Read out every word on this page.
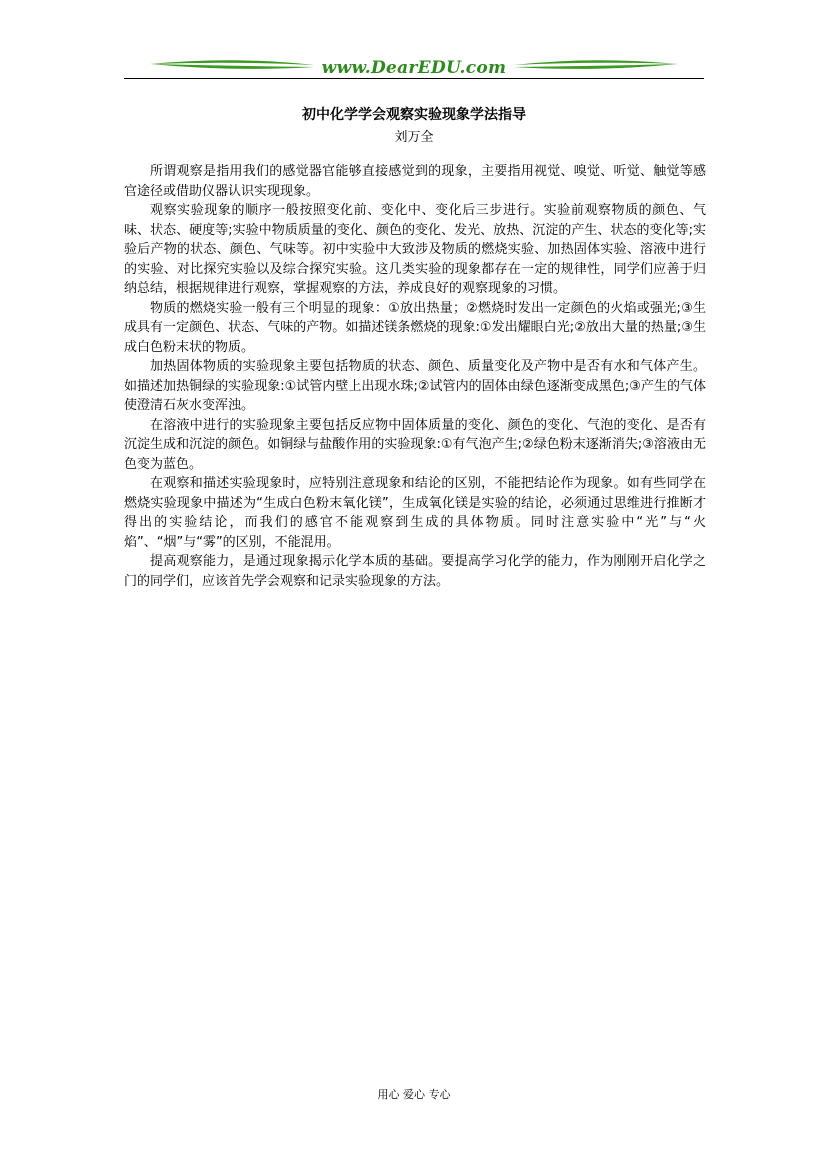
www.DearEDU.com
初中化学学会观察实验现象学法指导
刘万全

所谓观察是指用我们的感觉器官能够直接感觉到的现象，主要指用视觉、嗅觉、听觉、触觉等感官途径或借助仪器认识实现现象。

观察实验现象的顺序一般按照变化前、变化中、变化后三步进行。实验前观察物质的颜色、气味、状态、硬度等;实验中物质质量的变化、颜色的变化、发光、放热、沉淀的产生、状态的变化等;实验后产物的状态、颜色、气味等。初中实验中大致涉及物质的燃烧实验、加热固体实验、溶液中进行的实验、对比探究实验以及综合探究实验。这几类实验的现象都存在一定的规律性，同学们应善于归纳总结，根据规律进行观察，掌握观察的方法，养成良好的观察现象的习惯。

物质的燃烧实验一般有三个明显的现象：①放出热量；②燃烧时发出一定颜色的火焰或强光;③生成具有一定颜色、状态、气味的产物。如描述镁条燃烧的现象:①发出耀眼白光;②放出大量的热量;③生成白色粉末状的物质。

加热固体物质的实验现象主要包括物质的状态、颜色、质量变化及产物中是否有水和气体产生。如描述加热铜绿的实验现象:①试管内壁上出现水珠;②试管内的固体由绿色逐渐变成黑色;③产生的气体使澄清石灰水变浑浊。

在溶液中进行的实验现象主要包括反应物中固体质量的变化、颜色的变化、气泡的变化、是否有沉淀生成和沉淀的颜色。如铜绿与盐酸作用的实验现象:①有气泡产生;②绿色粉末逐渐消失;③溶液由无色变为蓝色。

在观察和描述实验现象时，应特别注意现象和结论的区别，不能把结论作为现象。如有些同学在燃烧实验现象中描述为“生成白色粉末氧化镁”，生成氧化镁是实验的结论，必须通过思维进行推断才得出的实验结论，而我们的感官不能观察到生成的具体物质。同时注意实验中“光”与“火焰”、“烟”与“雾”的区别，不能混用。

提高观察能力，是通过现象揭示化学本质的基础。要提高学习化学的能力，作为刚刚开启化学之门的同学们，应该首先学会观察和记录实验现象的方法。

用心 爱心 专心
